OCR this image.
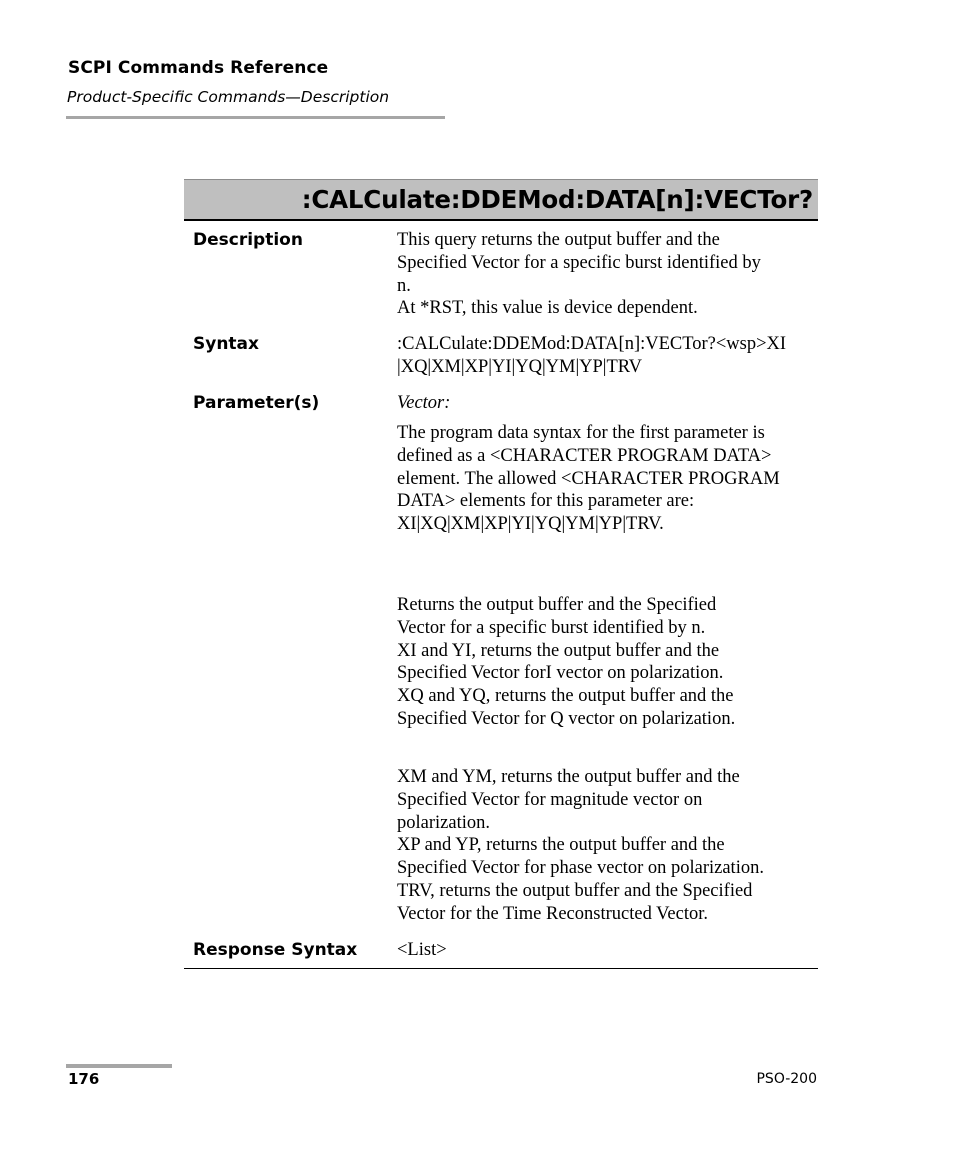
SCPI Commands Reference
Product-Specific Commands—Description
:CALCulate:DDEMod:DATA[n]:VECTor?
Description	This query returns the output buffer and the

Specified Vector for a specific burst identified by

n.

At *RST, this value is device dependent.

Syntax	:CALCulate:DDEMod:DATA[n]:VECTor?<wsp>XI

|XQ|XM|XP|YI|YQ|YM|YP|TRV

Parameter(s)	Vector:

The program data syntax for the first parameter is

defined as a <CHARACTER PROGRAM DATA>

element. The allowed <CHARACTER PROGRAM

DATA> elements for this parameter are:

XI|XQ|XM|XP|YI|YQ|YM|YP|TRV.

Returns the output buffer and the Specified

Vector for a specific burst identified by n.

XI and YI, returns the output buffer and the

Specified Vector forI vector on polarization.

XQ and YQ, returns the output buffer and the

Specified Vector for Q vector on polarization.

XM and YM, returns the output buffer and the

Specified Vector for magnitude vector on

polarization.

XP and YP, returns the output buffer and the

Specified Vector for phase vector on polarization.

TRV, returns the output buffer and the Specified

Vector for the Time Reconstructed Vector.

Response Syntax <List>
176	PSO-200
